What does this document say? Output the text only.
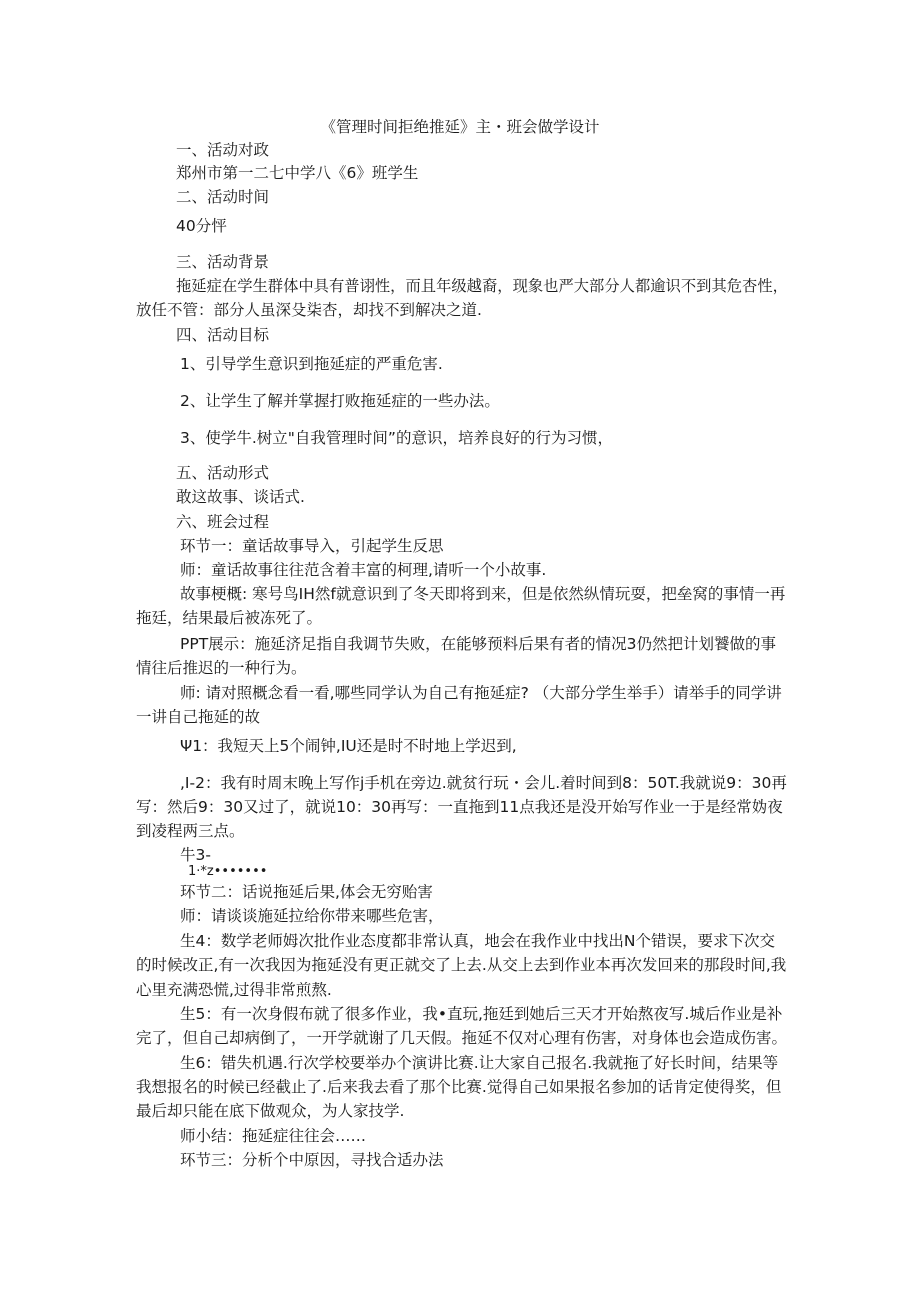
《管理时间拒绝推延》主・班会做学设计
一、活动对政
郑州市第一二七中学八《6》班学生
二、活动时间
40分怦
三、活动背景
拖延症在学生群体中具有普诩性，而且年级越裔，现象也严大部分人都逾识不到其危杏性，
放任不管：部分人虽深殳柒杏，却找不到解决之道.
四、活动目标
1、引导学生意识到拖延症的严重危害.
2、让学生了解并掌握打败拖延症的一些办法。
3、使学牛.树立"自我管理时间”的意识，培养良好的行为习惯，
五、活动形式
敢这故事、谈话式.
六、班会过程
环节一：童话故事导入，引起学生反思
师：童话故事往往范含着丰富的柯理,请听一个小故事.
故事梗概: 寒号鸟IH然f就意识到了冬天即将到来，但是依然纵情玩耍，把垒窝的事情一再
拖廷，结果最后被冻死了。
PPT展示：施延济足指自我调节失败，在能够预料后果有者的情况3仍然把计划饕做的事
情往后推迟的一种行为。
师: 请对照概念看一看,哪些同学认为自己有拖延症? （大部分学生举手）请举手的同学讲
一讲自己拖延的故
Ψ1：我短天上5个闹钟,IU还是时不时地上学迟到,
,I-2：我有时周末晚上写作j手机在旁边.就贫行玩・会儿.着时间到8：50T.我就说9：30再
写：然后9：30又过了，就说10：30再写：一直拖到11点我还是没开始写作业一于是经常妫夜
到凌程两三点。
牛3-
1·*z•••••••
环节二：话说拖延后果,体会无穷贻害
师：请谈谈施延拉给你带来哪些危害，
生4：数学老师姆次批作业态度都非常认真，地会在我作业中找出N个错误，要求下次交
的时候改正,有一次我因为拖延没有更正就交了上去.从交上去到作业本再次发回来的那段时间,我
心里充满恐慌,过得非常煎熬.
生5：有一次身假布就了很多作业，我•直玩,拖廷到她后三天才开始熬夜写.城后作业是补
完了，但自己却病倒了，一开学就谢了几天假。拖延不仅对心理有伤害，对身体也会造成伤害。
生6：错失机遇.行次学校要举办个演讲比赛.让大家自己报名.我就拖了好长时间，结果等
我想报名的时候已经截止了.后来我去看了那个比赛.觉得自己如果报名参加的话肯定使得奖，但
最后却只能在底下做观众，为人家技学.
师小结：拖延症往往会……
环节三：分析个中原因，寻找合适办法
